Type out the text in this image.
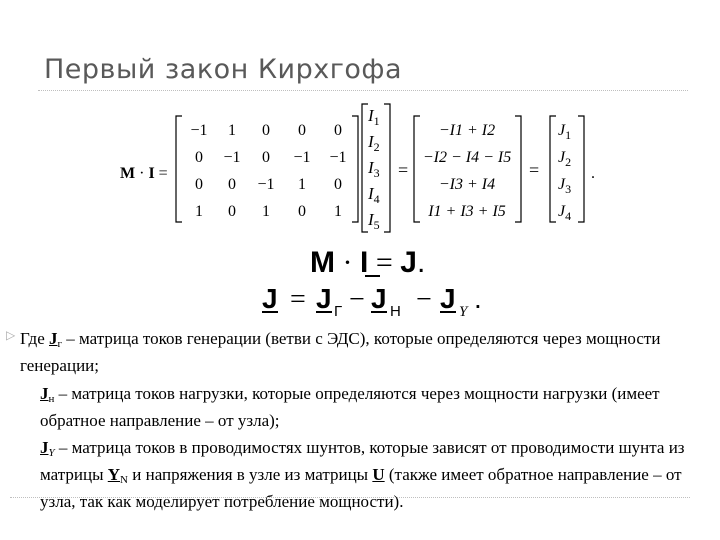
Первый закон Кирхгофа
M · I =
−1 1 0 0 0
0 −1 0 −1 −1
0 0 −1 1 0
1 0 1 0 1
$I_1$
$I_2$
$I_3$
$I_4$
$I_5$
=
−I1 + I2
−I2 − I4 − I5
−I3 + I4
I1 + I3 + I5
=
$J_1$
$J_2$
$J_3$
$J_4$
.
M · I = J.
J = J Г − J Н − J Y .
▷ Где $J_г$ – матрица токов генерации (ветви с ЭДС), которые определяются через мощности генерации;
$J_н$ – матрица токов нагрузки, которые определяются через мощности нагрузки (имеет обратное направление – от узла);
$J_Y$ – матрица токов в проводимостях шунтов, которые зависят от проводимости шунта из матрицы $Y_N$ и напряжения в узле из матрицы U (также имеет обратное направление – от узла, так как моделирует потребление мощности).
